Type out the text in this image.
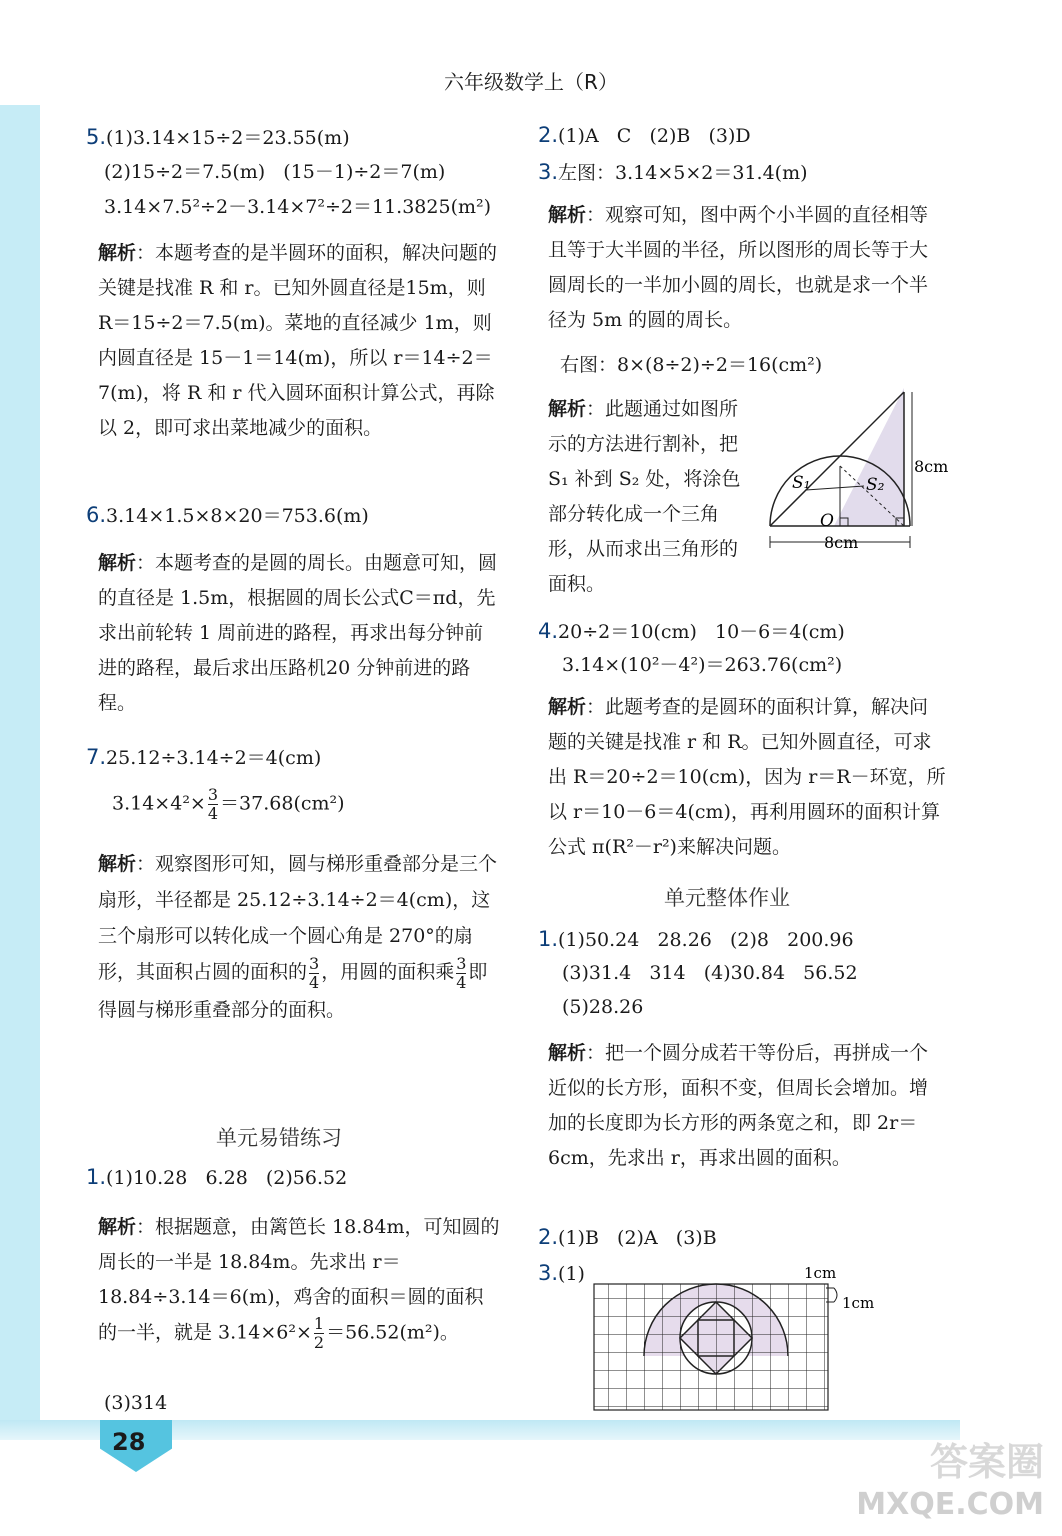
28
六年级数学上（R）
5.(1)3.14×15÷2＝23.55(m)
(2)15÷2＝7.5(m)   (15－1)÷2＝7(m)
3.14×7.5²÷2－3.14×7²÷2＝11.3825(m²)
解析：本题考查的是半圆环的面积，解决问题的关键是找准 R 和 r。已知外圆直径是15m，则 R＝15÷2＝7.5(m)。菜地的直径减少 1m，则内圆直径是 15－1＝14(m)，所以 r＝14÷2＝7(m)，将 R 和 r 代入圆环面积计算公式，再除以 2，即可求出菜地减少的面积。
6.3.14×1.5×8×20＝753.6(m)
解析：本题考查的是圆的周长。由题意可知，圆的直径是 1.5m，根据圆的周长公式C＝πd，先求出前轮转 1 周前进的路程，再求出每分钟前进的路程，最后求出压路机20 分钟前进的路程。
7.25.12÷3.14÷2＝4(cm)
$3.14\times 4^2\times \frac{3}{4} =37.68(cm^2)$
解析：观察图形可知，圆与梯形重叠部分是三个扇形，半径都是 25.12÷3.14÷2＝4(cm)，这三个扇形可以转化成一个圆心角是 270°的扇形，其面积占圆的面积的 $\frac{3}{4}$ ，用圆的面积乘 $\frac{3}{4}$ 即得圆与梯形重叠部分的面积。
单元易错练习
1.(1)10.28   6.28   (2)56.52
解析：根据题意，由篱笆长 18.84m，可知圆的周长的一半是 18.84m。先求出 r＝18.84÷3.14＝6(m)，鸡舍的面积＝圆的面积的一半，就是 $3.14\times 6^2\times \frac{1}{2} =56.52(m^2)$。
(3)314
2.(1)A   C   (2)B   (3)D
3.左图：3.14×5×2＝31.4(m)
解析：观察可知，图中两个小半圆的直径相等且等于大半圆的半径，所以图形的周长等于大圆周长的一半加小圆的周长，也就是求一个半径为 5m 的圆的周长。
右图：8×(8÷2)÷2＝16(cm²)
解析：此题通过如图所示的方法进行割补，把 S₁ 补到 S₂ 处，将涂色部分转化成一个三角形，从而求出三角形的面积。
8cm
8cm
S₁	S₂
O
4.20÷2＝10(cm)   10－6＝4(cm)
3.14×(10²－4²)＝263.76(cm²)
解析：此题考查的是圆环的面积计算，解决问题的关键是找准 r 和 R。已知外圆直径，可求出 R＝20÷2＝10(cm)，因为 r＝R－环宽，所以 r＝10－6＝4(cm)，再利用圆环的面积计算公式 π(R²－r²)来解决问题。
单元整体作业
1.(1)50.24   28.26   (2)8   200.96
(3)31.4   314   (4)30.84   56.52
(5)28.26
解析：把一个圆分成若干等份后，再拼成一个近似的长方形，面积不变，但周长会增加。增加的长度即为长方形的两条宽之和，即 2r＝6cm，先求出 r，再求出圆的面积。
2.(1)B   (2)A   (3)B
3.(1)	1cm
1cm
答案圈
MXQE.COM
